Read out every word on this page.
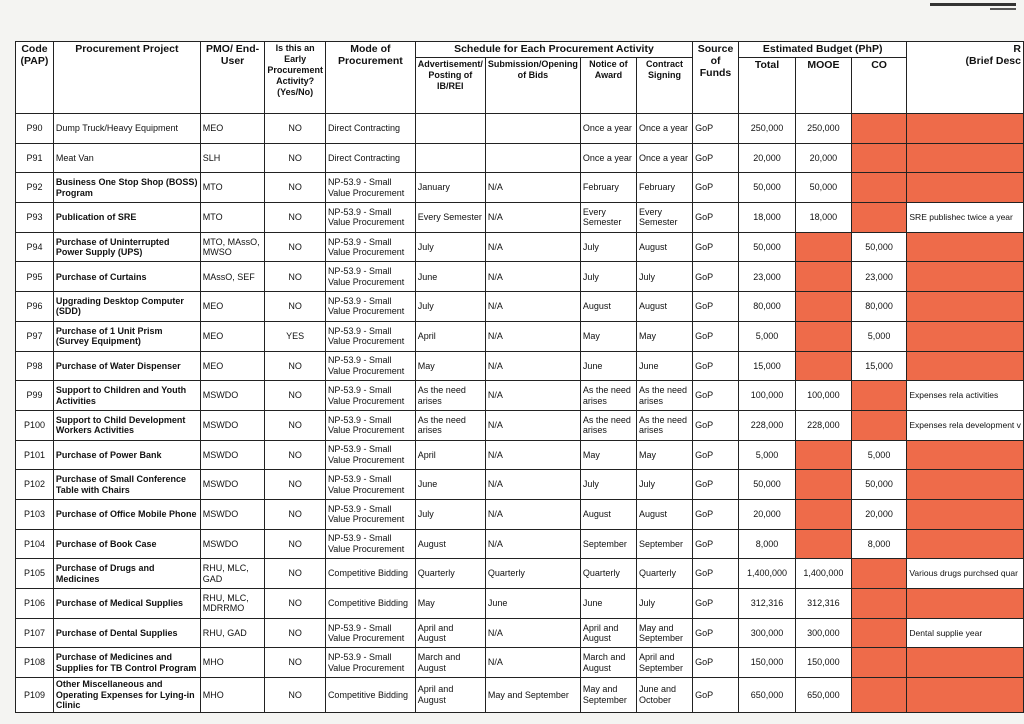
Code (PAP)	Procurement Project	PMO/ End-User	Is this an Early Procurement Activity? (Yes/No)	Mode of Procurement	Schedule for Each Procurement Activity				Source of Funds	Estimated Budget (PhP)			R
(Brief Desc
					Advertisement/ Posting of IB/REI	Submission/Opening of Bids	Notice of Award	Contract Signing		Total	MOOE	CO	
P90	Dump Truck/Heavy Equipment	MEO	NO	Direct Contracting			Once a year	Once a year	GoP	250,000	250,000		
P91	Meat Van	SLH	NO	Direct Contracting			Once a year	Once a year	GoP	20,000	20,000		
P92	Business One Stop Shop (BOSS) Program	MTO	NO	NP-53.9 - Small Value Procurement	January	N/A	February	February	GoP	50,000	50,000		
P93	Publication of SRE	MTO	NO	NP-53.9 - Small Value Procurement	Every Semester	N/A	Every Semester	Every Semester	GoP	18,000	18,000		SRE publishec twice a year
P94	Purchase of Uninterrupted Power Supply (UPS)	MTO, MAssO, MWSO	NO	NP-53.9 - Small Value Procurement	July	N/A	July	August	GoP	50,000		50,000	
P95	Purchase of Curtains	MAssO, SEF	NO	NP-53.9 - Small Value Procurement	June	N/A	July	July	GoP	23,000		23,000	
P96	Upgrading Desktop Computer (SDD)	MEO	NO	NP-53.9 - Small Value Procurement	July	N/A	August	August	GoP	80,000		80,000	
P97	Purchase of 1 Unit Prism (Survey Equipment)	MEO	YES	NP-53.9 - Small Value Procurement	April	N/A	May	May	GoP	5,000		5,000	
P98	Purchase of Water Dispenser	MEO	NO	NP-53.9 - Small Value Procurement	May	N/A	June	June	GoP	15,000		15,000	
P99	Support to Children and Youth Activities	MSWDO	NO	NP-53.9 - Small Value Procurement	As the need arises	N/A	As the need arises	As the need arises	GoP	100,000	100,000		Expenses rela activities
P100	Support to Child Development Workers Activities	MSWDO	NO	NP-53.9 - Small Value Procurement	As the need arises	N/A	As the need arises	As the need arises	GoP	228,000	228,000		Expenses rela development v
P101	Purchase of Power Bank	MSWDO	NO	NP-53.9 - Small Value Procurement	April	N/A	May	May	GoP	5,000		5,000	
P102	Purchase of Small Conference Table with Chairs	MSWDO	NO	NP-53.9 - Small Value Procurement	June	N/A	July	July	GoP	50,000		50,000	
P103	Purchase of Office Mobile Phone	MSWDO	NO	NP-53.9 - Small Value Procurement	July	N/A	August	August	GoP	20,000		20,000	
P104	Purchase of Book Case	MSWDO	NO	NP-53.9 - Small Value Procurement	August	N/A	September	September	GoP	8,000		8,000	
P105	Purchase of Drugs and Medicines	RHU, MLC, GAD	NO	Competitive Bidding	Quarterly	Quarterly	Quarterly	Quarterly	GoP	1,400,000	1,400,000		Various drugs purchsed quar
P106	Purchase of Medical Supplies	RHU, MLC, MDRRMO	NO	Competitive Bidding	May	June	June	July	GoP	312,316	312,316		
P107	Purchase of Dental Supplies	RHU, GAD	NO	NP-53.9 - Small Value Procurement	April and August	N/A	April and August	May and September	GoP	300,000	300,000		Dental supplie year
P108	Purchase of Medicines and Supplies for TB Control Program	MHO	NO	NP-53.9 - Small Value Procurement	March and August	N/A	March and August	April and September	GoP	150,000	150,000		
P109	Other Miscellaneous and Operating Expenses for Lying-in Clinic	MHO	NO	Competitive Bidding	April and August	May and September	May and September	June and October	GoP	650,000	650,000		
